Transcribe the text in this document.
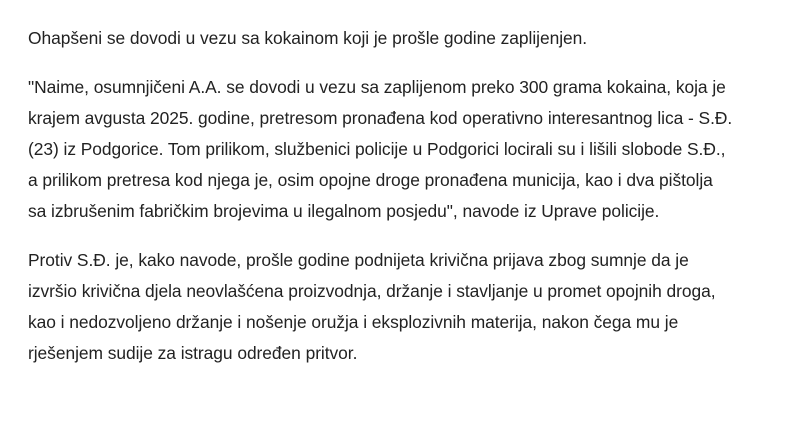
Ohapšeni se dovodi u vezu sa kokainom koji je prošle godine zaplijenjen.

"Naime, osumnjičeni A.A. se dovodi u vezu sa zaplijenom preko 300 grama kokaina, koja je
krajem avgusta 2025. godine, pretresom pronađena kod operativno interesantnog lica - S.Đ.
(23) iz Podgorice. Tom prilikom, službenici policije u Podgorici locirali su i lišili slobode S.Đ.,
a prilikom pretresa kod njega je, osim opojne droge pronađena municija, kao i dva pištolja
sa izbrušenim fabričkim brojevima u ilegalnom posjedu", navode iz Uprave policije.

Protiv S.Đ. je, kako navode, prošle godine podnijeta krivična prijava zbog sumnje da je
izvršio krivična djela neovlašćena proizvodnja, držanje i stavljanje u promet opojnih droga,
kao i nedozvoljeno držanje i nošenje oružja i eksplozivnih materija, nakon čega mu je
rješenjem sudije za istragu određen pritvor.
